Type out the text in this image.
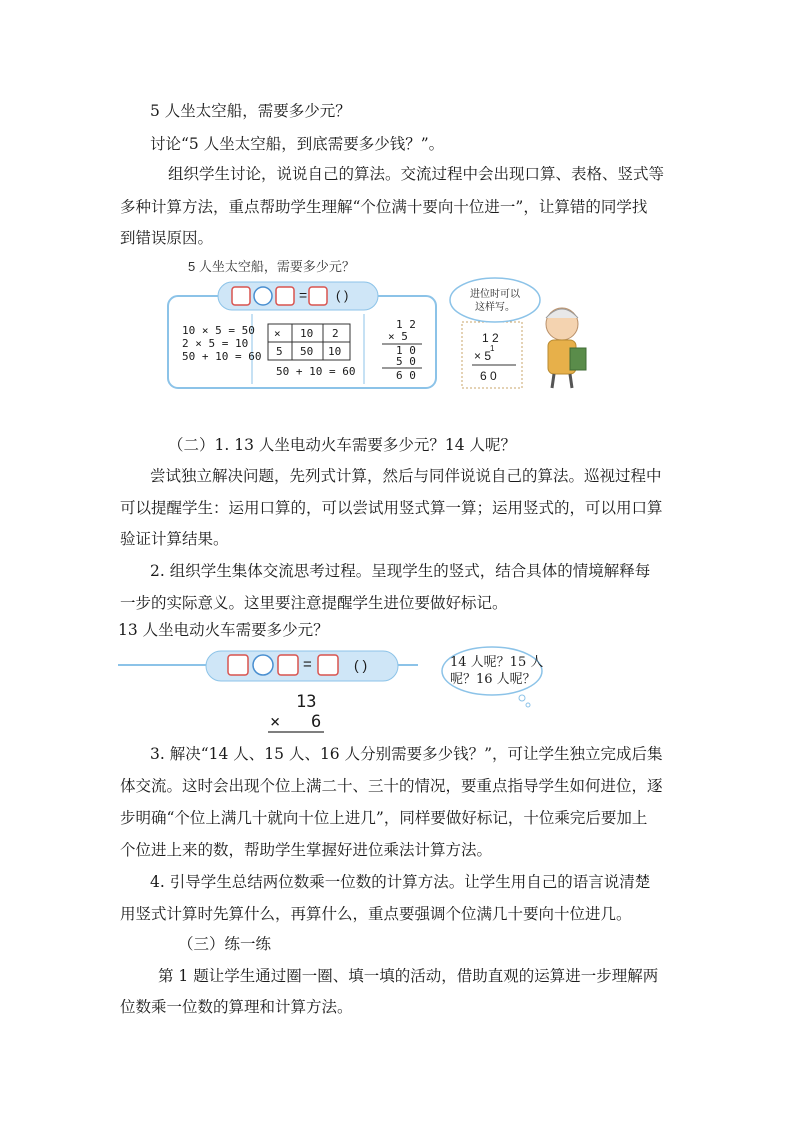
5 人坐太空船，需要多少元？
讨论“5 人坐太空船，到底需要多少钱？”。
组织学生讨论，说说自己的算法。交流过程中会出现口算、表格、竖式等
多种计算方法，重点帮助学生理解“个位满十要向十位进一”，让算错的同学找
到错误原因。
5 人坐太空船，需要多少元？
= ( )
10 × 5 = 50
2 × 5 = 10
50 + 10 = 60
× 10 2
5 50 10
50 + 10 = 60
1 2
× 5
1 0
5 0
6 0
进位时可以
这样写。
1 2
× 5
1
6 0
（二）1. 13 人坐电动火车需要多少元？14 人呢？
尝试独立解决问题，先列式计算，然后与同伴说说自己的算法。巡视过程中
可以提醒学生：运用口算的，可以尝试用竖式算一算；运用竖式的，可以用口算
验证计算结果。
2. 组织学生集体交流思考过程。呈现学生的竖式，结合具体的情境解释每
一步的实际意义。这里要注意提醒学生进位要做好标记。
13 人坐电动火车需要多少元？
=	( )	14 人呢？15 人
呢？16 人呢？
13
×   6
3. 解决“14 人、15 人、16 人分别需要多少钱？”，可让学生独立完成后集
体交流。这时会出现个位上满二十、三十的情况，要重点指导学生如何进位，逐
步明确“个位上满几十就向十位上进几”，同样要做好标记，十位乘完后要加上
个位进上来的数，帮助学生掌握好进位乘法计算方法。
4. 引导学生总结两位数乘一位数的计算方法。让学生用自己的语言说清楚
用竖式计算时先算什么，再算什么，重点要强调个位满几十要向十位进几。
（三）练一练
第 1 题让学生通过圈一圈、填一填的活动，借助直观的运算进一步理解两
位数乘一位数的算理和计算方法。
